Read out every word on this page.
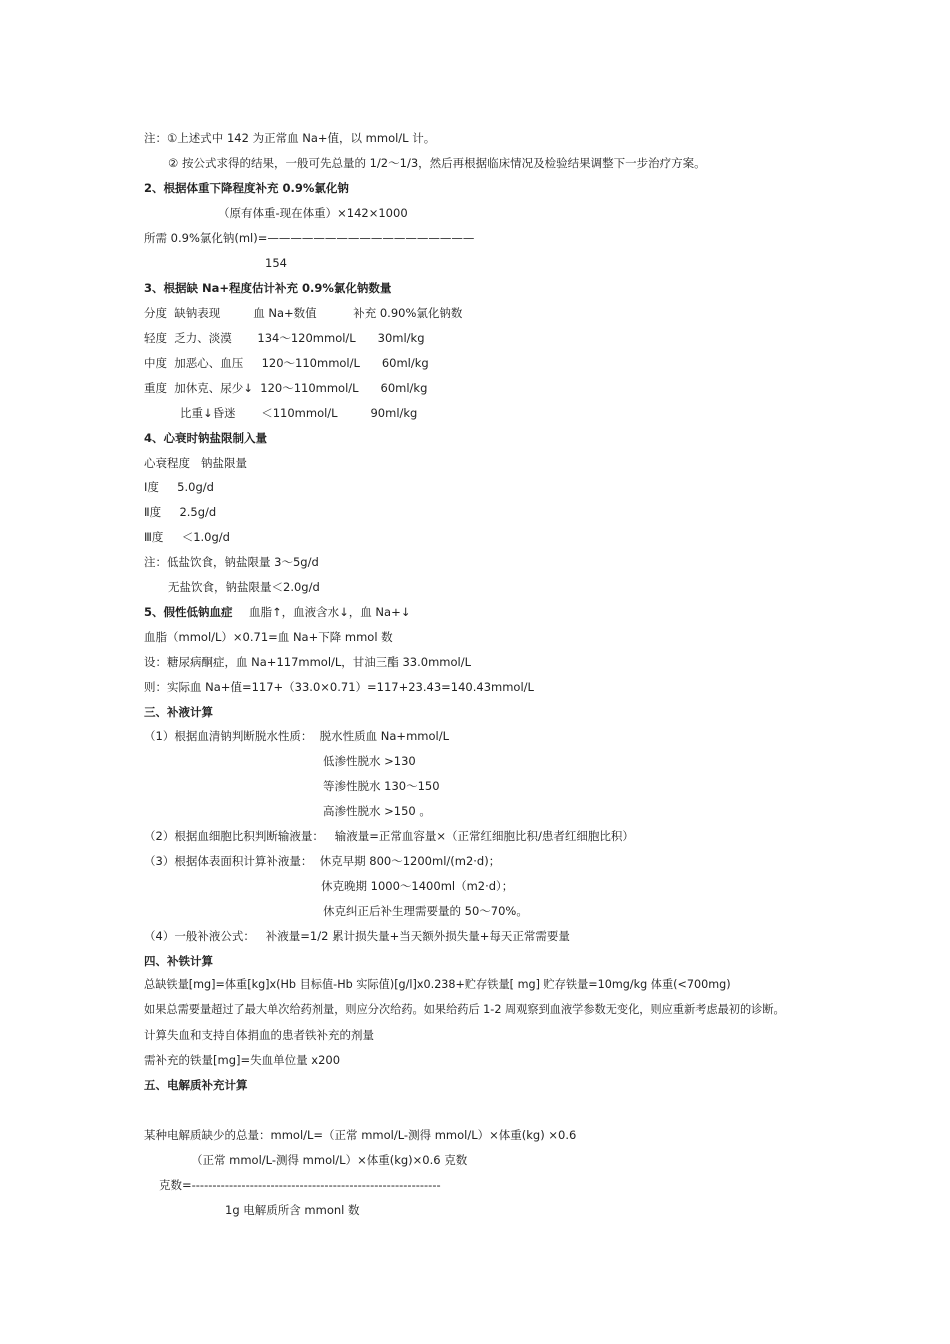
注：①上述式中 142 为正常血 Na+值，以 mmol/L 计。

② 按公式求得的结果，一般可先总量的 1/2～1/3，然后再根据临床情况及检验结果调整下一步治疗方案。

2、根据体重下降程度补充 0.9%氯化钠

（原有体重-现在体重）×142×1000

所需 0.9%氯化钠(ml)=——————————————————

154

3、根据缺 Na+程度估计补充 0.9%氯化钠数量

分度  缺钠表现         血 Na+数值          补充 0.90%氯化钠数

轻度  乏力、淡漠       134～120mmol/L      30ml/kg

中度  加恶心、血压     120～110mmol/L      60ml/kg

重度  加休克、尿少↓  120～110mmol/L      60ml/kg

比重↓昏迷       ＜110mmol/L         90ml/kg

4、心衰时钠盐限制入量

心衰程度   钠盐限量

Ⅰ度     5.0g/d

Ⅱ度     2.5g/d

Ⅲ度     ＜1.0g/d

注：低盐饮食，钠盐限量 3～5g/d

无盐饮食，钠盐限量＜2.0g/d

5、假性低钠血症 血脂↑，血液含水↓，血 Na+↓

血脂（mmol/L）×0.71=血 Na+下降 mmol 数

设：糖尿病酮症，血 Na+117mmol/L，甘油三酯 33.0mmol/L

则：实际血 Na+值=117+（33.0×0.71）=117+23.43=140.43mmol/L

三、补液计算

（1）根据血清钠判断脱水性质：  脱水性质血 Na+mmol/L

低渗性脱水 >130

等渗性脱水 130～150

高渗性脱水 >150 。

（2）根据血细胞比积判断输液量：   输液量=正常血容量×（正常红细胞比积/患者红细胞比积）

（3）根据体表面积计算补液量：  休克早期 800～1200ml/(m2·d)；

休克晚期 1000～1400ml（m2·d）；

休克纠正后补生理需要量的 50～70%。

（4）一般补液公式：   补液量=1/2 累计损失量+当天额外损失量+每天正常需要量

四、补铁计算

总缺铁量[mg]=体重[kg]x(Hb 目标值-Hb 实际值)[g/l]x0.238+贮存铁量[ mg] 贮存铁量=10mg/kg 体重(<700mg)

如果总需要量超过了最大单次给药剂量，则应分次给药。如果给药后 1-2 周观察到血液学参数无变化，则应重新考虑最初的诊断。

计算失血和支持自体捐血的患者铁补充的剂量

需补充的铁量[mg]=失血单位量 x200

五、电解质补充计算

某种电解质缺少的总量：mmol/L=（正常 mmol/L-测得 mmol/L）×体重(kg) ×0.6

（正常 mmol/L-测得 mmol/L）×体重(kg)×0.6 克数

克数=------------------------------------------------------------

1g 电解质所含 mmonl 数
